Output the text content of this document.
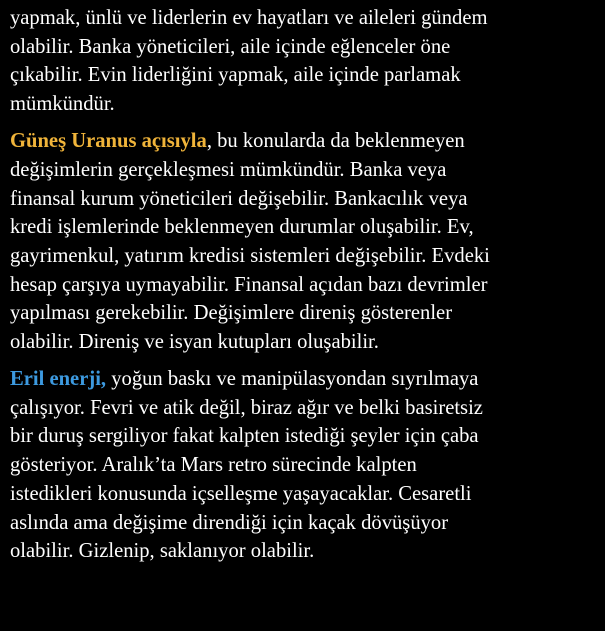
yapmak, ünlü ve liderlerin ev hayatları ve aileleri gündem
olabilir. Banka yöneticileri, aile içinde eğlenceler öne
çıkabilir. Evin liderliğini yapmak, aile içinde parlamak
mümkündür.

Güneş Uranus açısıyla, bu konularda da beklenmeyen
değişimlerin gerçekleşmesi mümkündür. Banka veya
finansal kurum yöneticileri değişebilir. Bankacılık veya
kredi işlemlerinde beklenmeyen durumlar oluşabilir. Ev,
gayrimenkul, yatırım kredisi sistemleri değişebilir. Evdeki
hesap çarşıya uymayabilir. Finansal açıdan bazı devrimler
yapılması gerekebilir. Değişimlere direniş gösterenler
olabilir. Direniş ve isyan kutupları oluşabilir.

Eril enerji, yoğun baskı ve manipülasyondan sıyrılmaya
çalışıyor. Fevri ve atik değil, biraz ağır ve belki basiretsiz
bir duruş sergiliyor fakat kalpten istediği şeyler için çaba
gösteriyor. Aralık’ta Mars retro sürecinde kalpten
istedikleri konusunda içselleşme yaşayacaklar. Cesaretli
aslında ama değişime direndiği için kaçak dövüşüyor
olabilir. Gizlenip, saklanıyor olabilir.
